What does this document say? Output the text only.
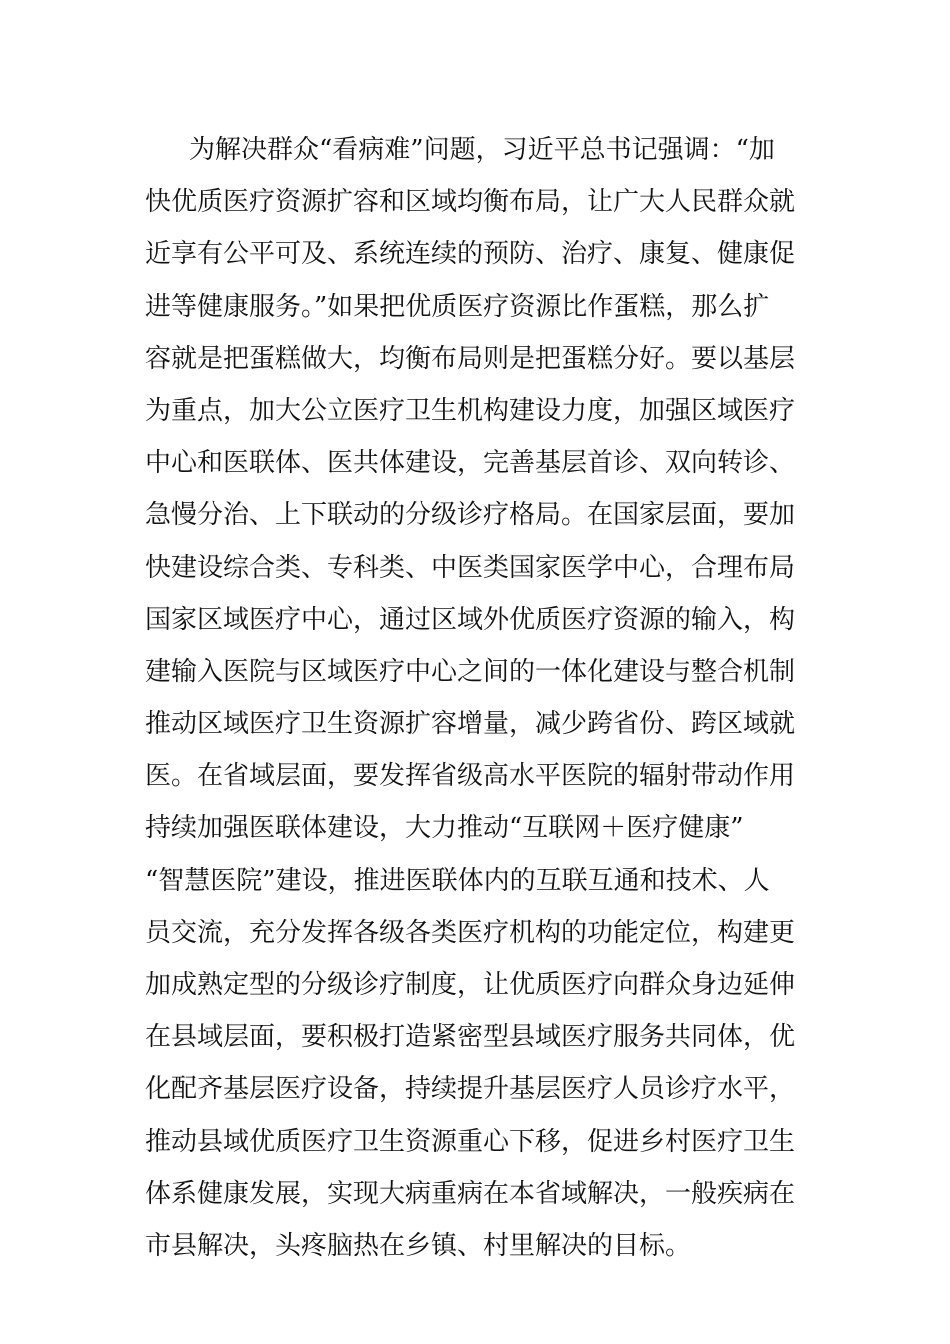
为解决群众“看病难”问题，习近平总书记强调：“加
快优质医疗资源扩容和区域均衡布局，让广大人民群众就
近享有公平可及、系统连续的预防、治疗、康复、健康促
进等健康服务。”如果把优质医疗资源比作蛋糕，那么扩
容就是把蛋糕做大，均衡布局则是把蛋糕分好。要以基层
为重点，加大公立医疗卫生机构建设力度，加强区域医疗
中心和医联体、医共体建设，完善基层首诊、双向转诊、
急慢分治、上下联动的分级诊疗格局。在国家层面，要加
快建设综合类、专科类、中医类国家医学中心，合理布局
国家区域医疗中心，通过区域外优质医疗资源的输入，构
建输入医院与区域医疗中心之间的一体化建设与整合机制
推动区域医疗卫生资源扩容增量，减少跨省份、跨区域就
医。在省域层面，要发挥省级高水平医院的辐射带动作用
持续加强医联体建设，大力推动“互联网＋医疗健康”
“智慧医院”建设，推进医联体内的互联互通和技术、人
员交流，充分发挥各级各类医疗机构的功能定位，构建更
加成熟定型的分级诊疗制度，让优质医疗向群众身边延伸
在县域层面，要积极打造紧密型县域医疗服务共同体，优
化配齐基层医疗设备，持续提升基层医疗人员诊疗水平，
推动县域优质医疗卫生资源重心下移，促进乡村医疗卫生
体系健康发展，实现大病重病在本省域解决，一般疾病在
市县解决，头疼脑热在乡镇、村里解决的目标。
